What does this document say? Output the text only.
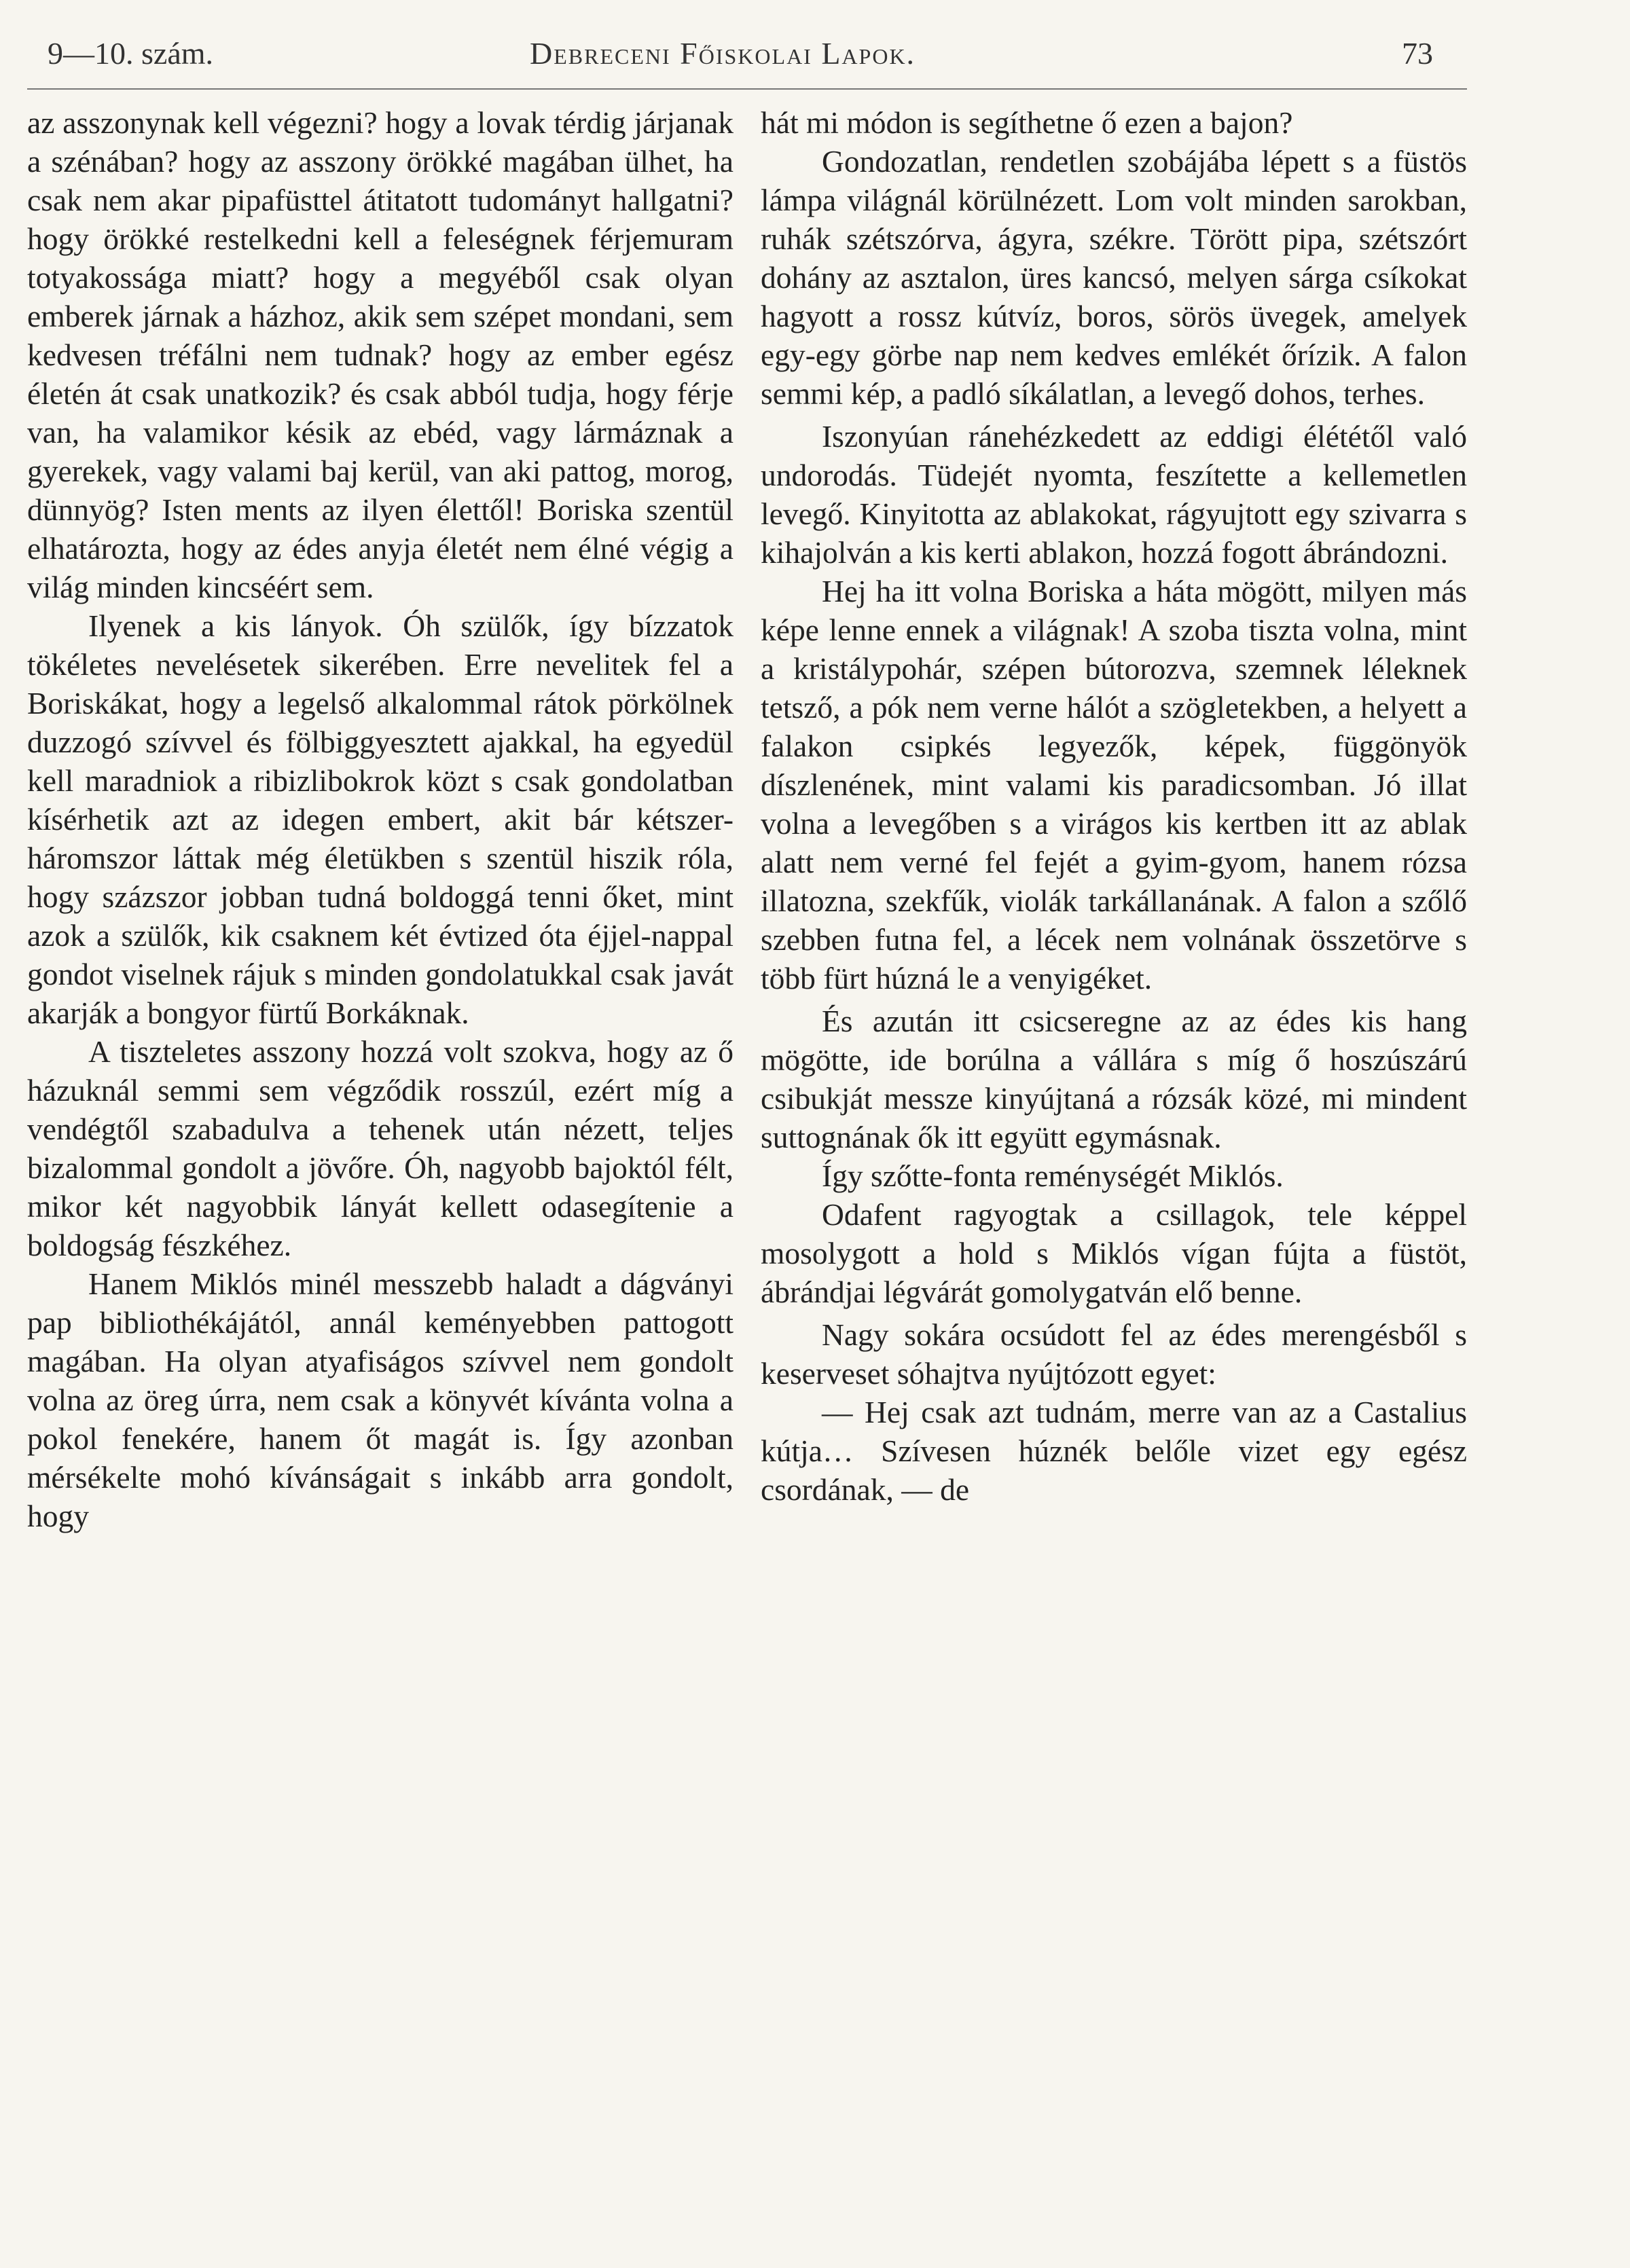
9—10. szám.	Debreceni Főiskolai Lapok.	73

az asszonynak kell végezni? hogy a lovak térdig járjanak a szénában? hogy az asszony örökké magában ülhet, ha csak nem akar pipafüsttel átitatott tudományt hallgatni? hogy örökké restelkedni kell a feleségnek férjemuram totyakossága miatt? hogy a megyéből csak olyan emberek járnak a házhoz, akik sem szépet mondani, sem kedvesen tréfálni nem tudnak? hogy az ember egész életén át csak unatkozik? és csak abból tudja, hogy férje van, ha valamikor késik az ebéd, vagy lármáznak a gyerekek, vagy valami baj kerül, van aki pattog, morog, dünnyög? Isten ments az ilyen élettől! Boriska szentül elhatározta, hogy az édes anyja életét nem élné végig a világ minden kincséért sem.

Ilyenek a kis lányok. Óh szülők, így bízzatok tökéletes nevelésetek sikerében. Erre nevelitek fel a Boriskákat, hogy a legelső alkalommal rátok pörkölnek duzzogó szívvel és fölbiggyesztett ajakkal, ha egyedül kell maradniok a ribizlibokrok közt s csak gondolatban kísérhetik azt az idegen embert, akit bár kétszer-háromszor láttak még életükben s szentül hiszik róla, hogy százszor jobban tudná boldoggá tenni őket, mint azok a szülők, kik csaknem két évtized óta éjjel-nappal gondot viselnek rájuk s minden gondolatukkal csak javát akarják a bongyor fürtű Borkáknak.

A tiszteletes asszony hozzá volt szokva, hogy az ő házuknál semmi sem végződik rosszúl, ezért míg a vendégtől szabadulva a tehenek után nézett, teljes bizalommal gondolt a jövőre. Óh, nagyobb bajoktól félt, mikor két nagyobbik lányát kellett odasegítenie a boldogság fészkéhez.

Hanem Miklós minél messzebb haladt a dágványi pap bibliothékájától, annál keményebben pattogott magában. Ha olyan atyafiságos szívvel nem gondolt volna az öreg úrra, nem csak a könyvét kívánta volna a pokol fenekére, hanem őt magát is. Így azonban mérsékelte mohó kívánságait s inkább arra gondolt, hogy

hát mi módon is segíthetne ő ezen a bajon?

Gondozatlan, rendetlen szobájába lépett s a füstös lámpa világnál körülnézett. Lom volt minden sarokban, ruhák szétszórva, ágyra, székre. Törött pipa, szétszórt dohány az asztalon, üres kancsó, melyen sárga csíkokat hagyott a rossz kútvíz, boros, sörös üvegek, amelyek egy-egy görbe nap nem kedves emlékét őrízik. A falon semmi kép, a padló síkálatlan, a levegő dohos, terhes.

Iszonyúan ránehézkedett az eddigi élététől való undorodás. Tüdejét nyomta, feszítette a kellemetlen levegő. Kinyitotta az ablakokat, rágyujtott egy szivarra s kihajolván a kis kerti ablakon, hozzá fogott ábrándozni.

Hej ha itt volna Boriska a háta mögött, milyen más képe lenne ennek a világnak! A szoba tiszta volna, mint a kristálypohár, szépen bútorozva, szemnek léleknek tetsző, a pók nem verne hálót a szögletekben, a helyett a falakon csipkés legyezők, képek, függönyök díszlenének, mint valami kis paradicsomban. Jó illat volna a levegőben s a virágos kis kertben itt az ablak alatt nem verné fel fejét a gyim-gyom, hanem rózsa illatozna, szekfűk, violák tarkállanának. A falon a szőlő szebben futna fel, a lécek nem volnának összetörve s több fürt húzná le a venyigéket.

És azután itt csicseregne az az édes kis hang mögötte, ide borúlna a vállára s míg ő hoszúszárú csibukját messze kinyújtaná a rózsák közé, mi mindent suttognának ők itt együtt egymásnak.

Így szőtte-fonta reménységét Miklós.

Odafent ragyogtak a csillagok, tele képpel mosolygott a hold s Miklós vígan fújta a füstöt, ábrándjai légvárát gomolygatván elő benne.

Nagy sokára ocsúdott fel az édes merengésből s keserveset sóhajtva nyújtózott egyet:

— Hej csak azt tudnám, merre van az a Castalius kútja… Szívesen húznék belőle vizet egy egész csordának, — de
